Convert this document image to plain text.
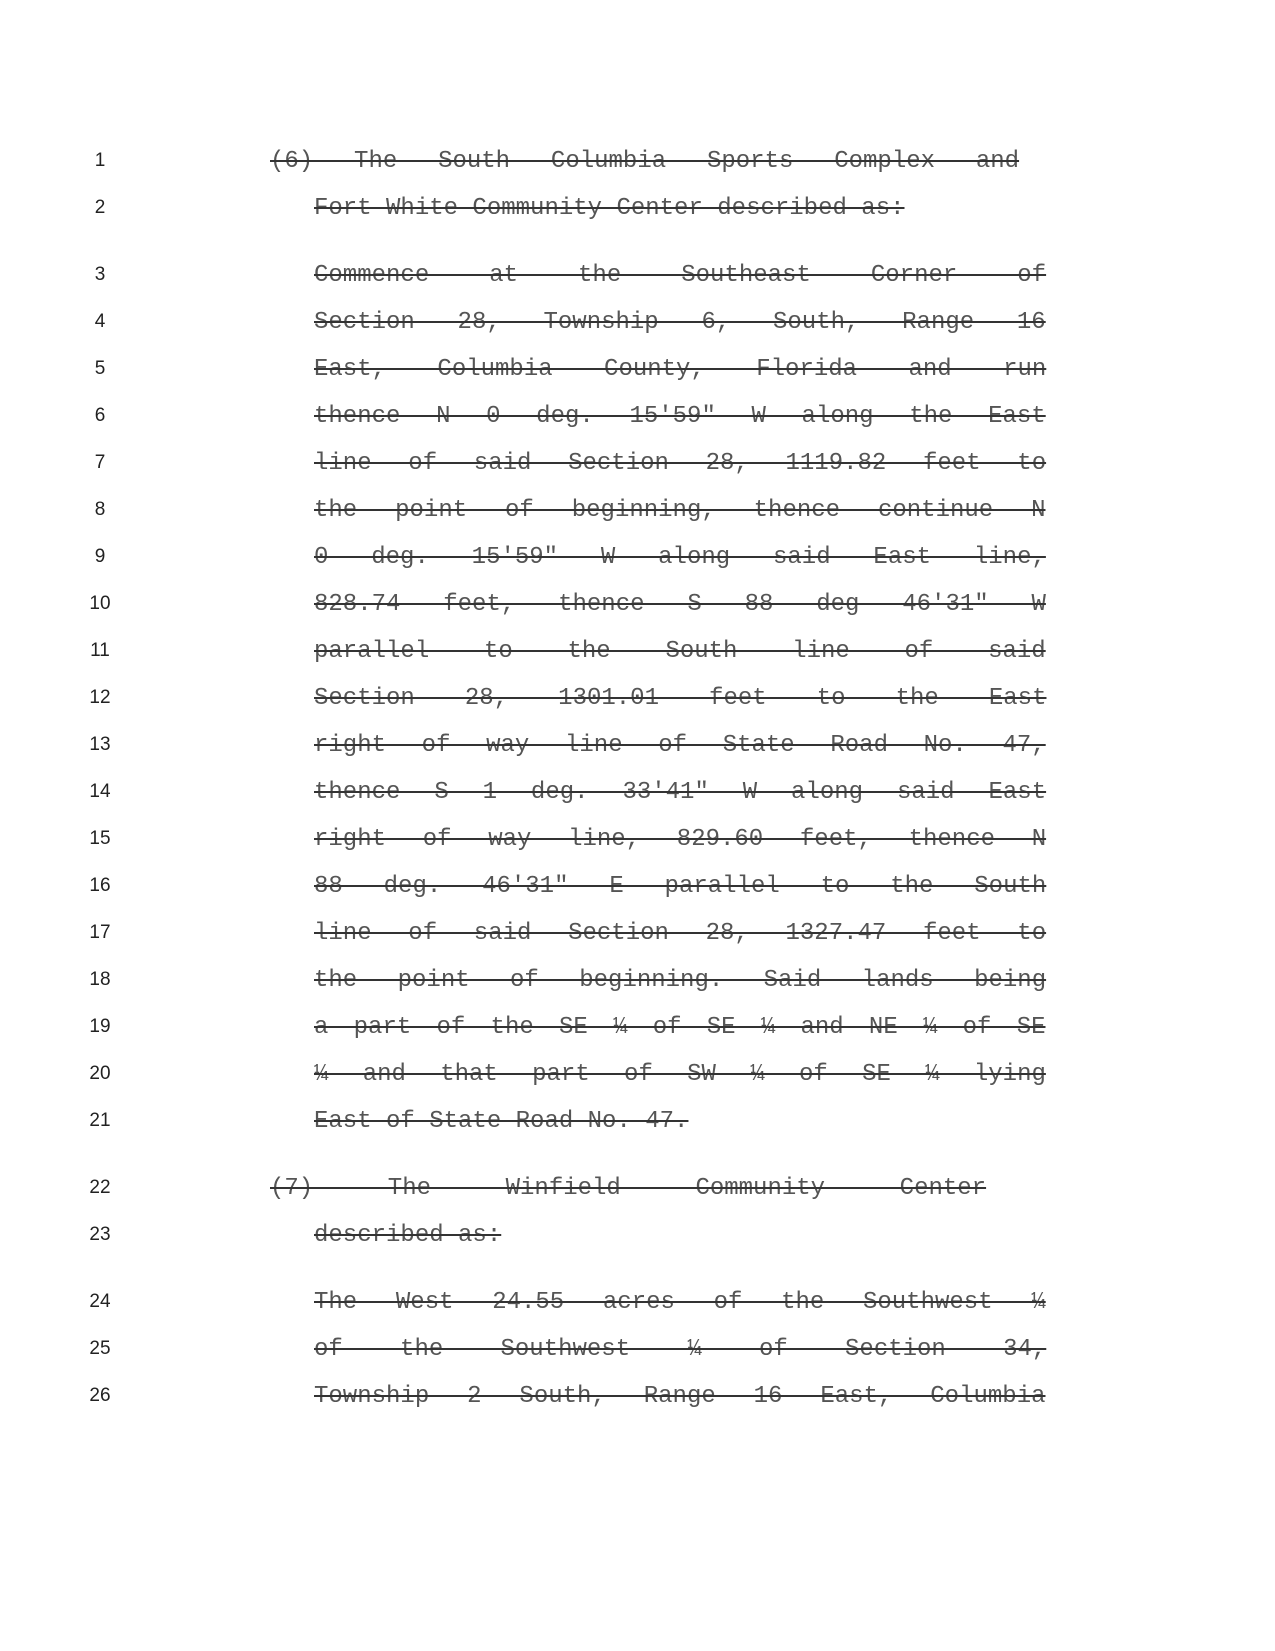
1	(6) The South Columbia Sports Complex and
2	Fort White Community Center described as:
3	Commence at the Southeast Corner of
4	Section 28, Township 6, South, Range 16
5	East, Columbia County, Florida and run
6	thence N 0 deg. 15′59″ W along the East
7	line of said Section 28, 1119.82 feet to
8	the point of beginning, thence continue N
9	0 deg. 15′59″ W along said East line,
10	828.74 feet, thence S 88 deg 46′31″ W
11	parallel to the South line of said
12	Section 28, 1301.01 feet to the East
13	right of way line of State Road No. 47,
14	thence S 1 deg. 33′41″ W along said East
15	right of way line, 829.60 feet, thence N
16	88 deg. 46′31″ E parallel to the South
17	line of said Section 28, 1327.47 feet to
18	the point of beginning. Said lands being
19	a part of the SE ¼ of SE ¼ and NE ¼ of SE
20	¼ and that part of SW ¼ of SE ¼ lying
21	East of State Road No. 47.
22	(7) The Winfield Community Center
23	described as:
24	The West 24.55 acres of the Southwest ¼
25	of the Southwest ¼ of Section 34,
26	Township 2 South, Range 16 East, Columbia
